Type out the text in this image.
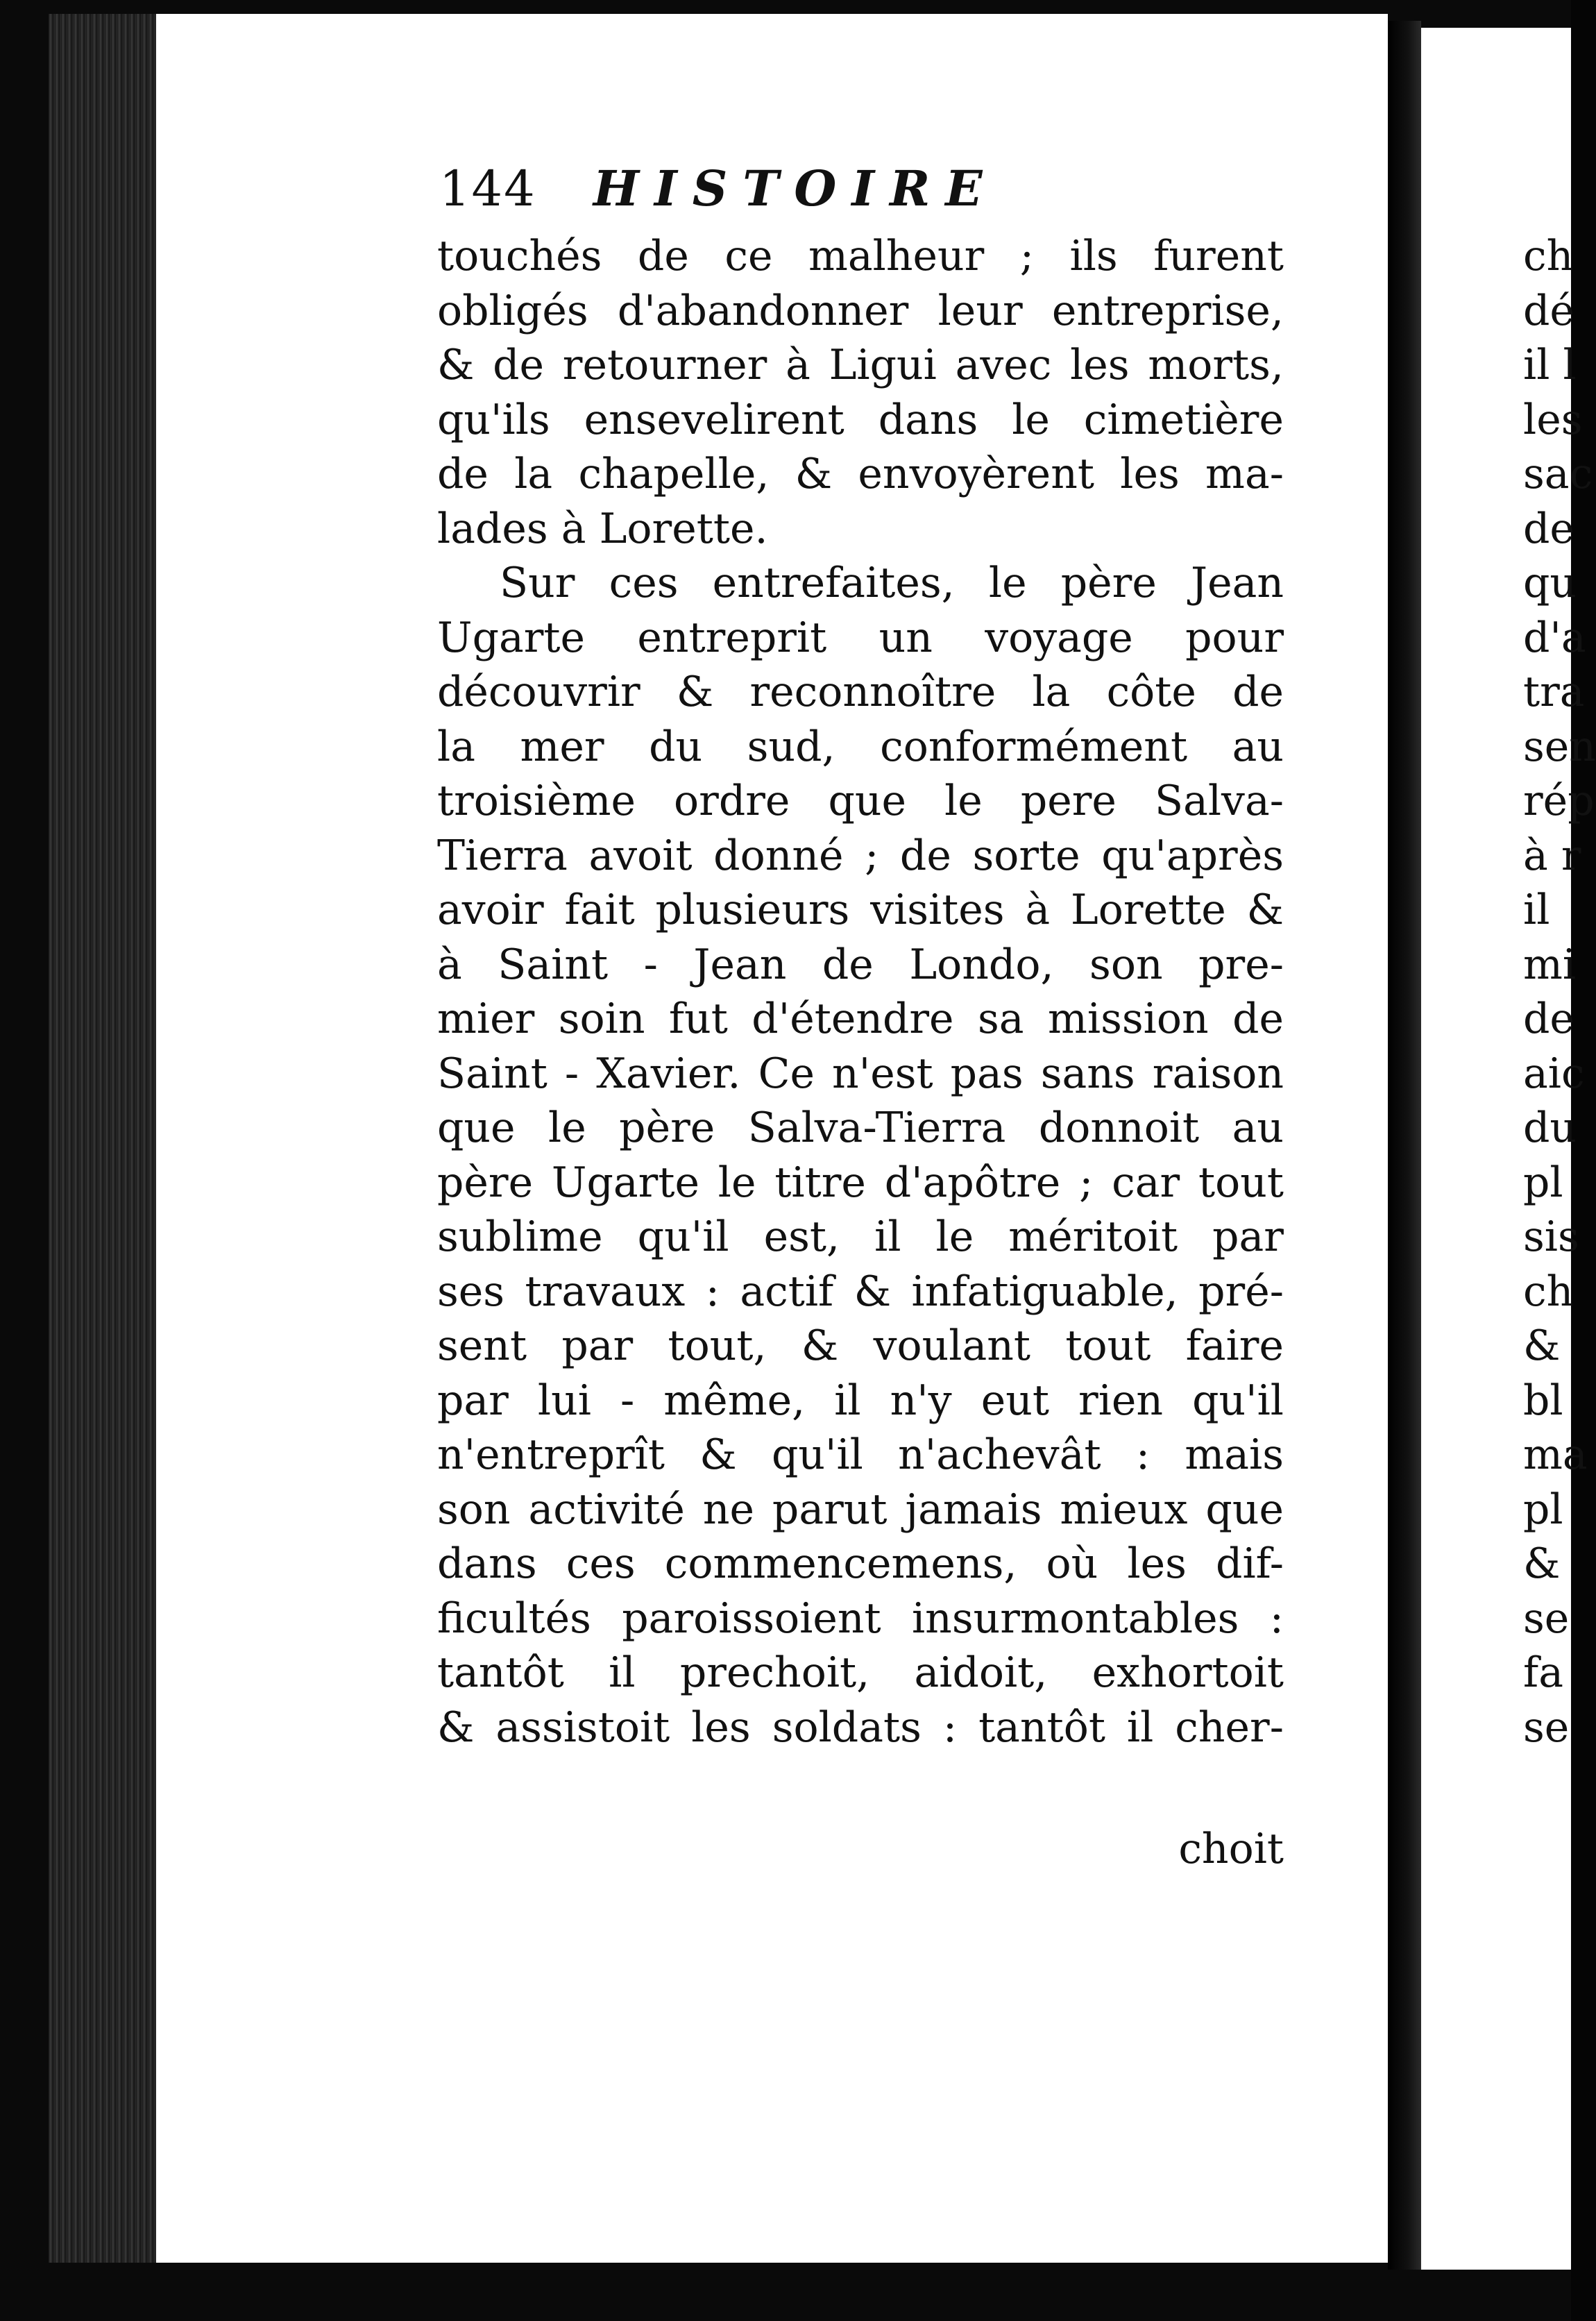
144 HISTOIRE
touchés de ce malheur ; ils furent
obligés d'abandonner leur entreprise,
& de retourner à Ligui avec les morts,
qu'ils ensevelirent dans le cimetière
de la chapelle, & envoyèrent les ma-
lades à Lorette.
Sur ces entrefaites, le père Jean
Ugarte entreprit un voyage pour
découvrir & reconnoître la côte de
la mer du sud, conformément au
troisième ordre que le pere Salva-
Tierra avoit donné ; de sorte qu'après
avoir fait plusieurs visites à Lorette &
à Saint - Jean de Londo, son pre-
mier soin fut d'étendre sa mission de
Saint - Xavier. Ce n'est pas sans raison
que le père Salva-Tierra donnoit au
père Ugarte le titre d'apôtre ; car tout
sublime qu'il est, il le méritoit par
ses travaux : actif & infatiguable, pré-
sent par tout, & voulant tout faire
par lui - même, il n'y eut rien qu'il
n'entreprît & qu'il n'achevât : mais
son activité ne parut jamais mieux que
dans ces commencemens, où les dif-
ficultés paroissoient insurmontables :
tantôt il prechoit, aidoit, exhortoit
& assistoit les soldats : tantôt il cher-
choit
ch
dé
il l
les
sac
de
qu
d'a
tra
sen
rép
à r
il
mi
de
aic
du
pl
sis
ch
&
bl
ma
pl
&
se
fa
se
